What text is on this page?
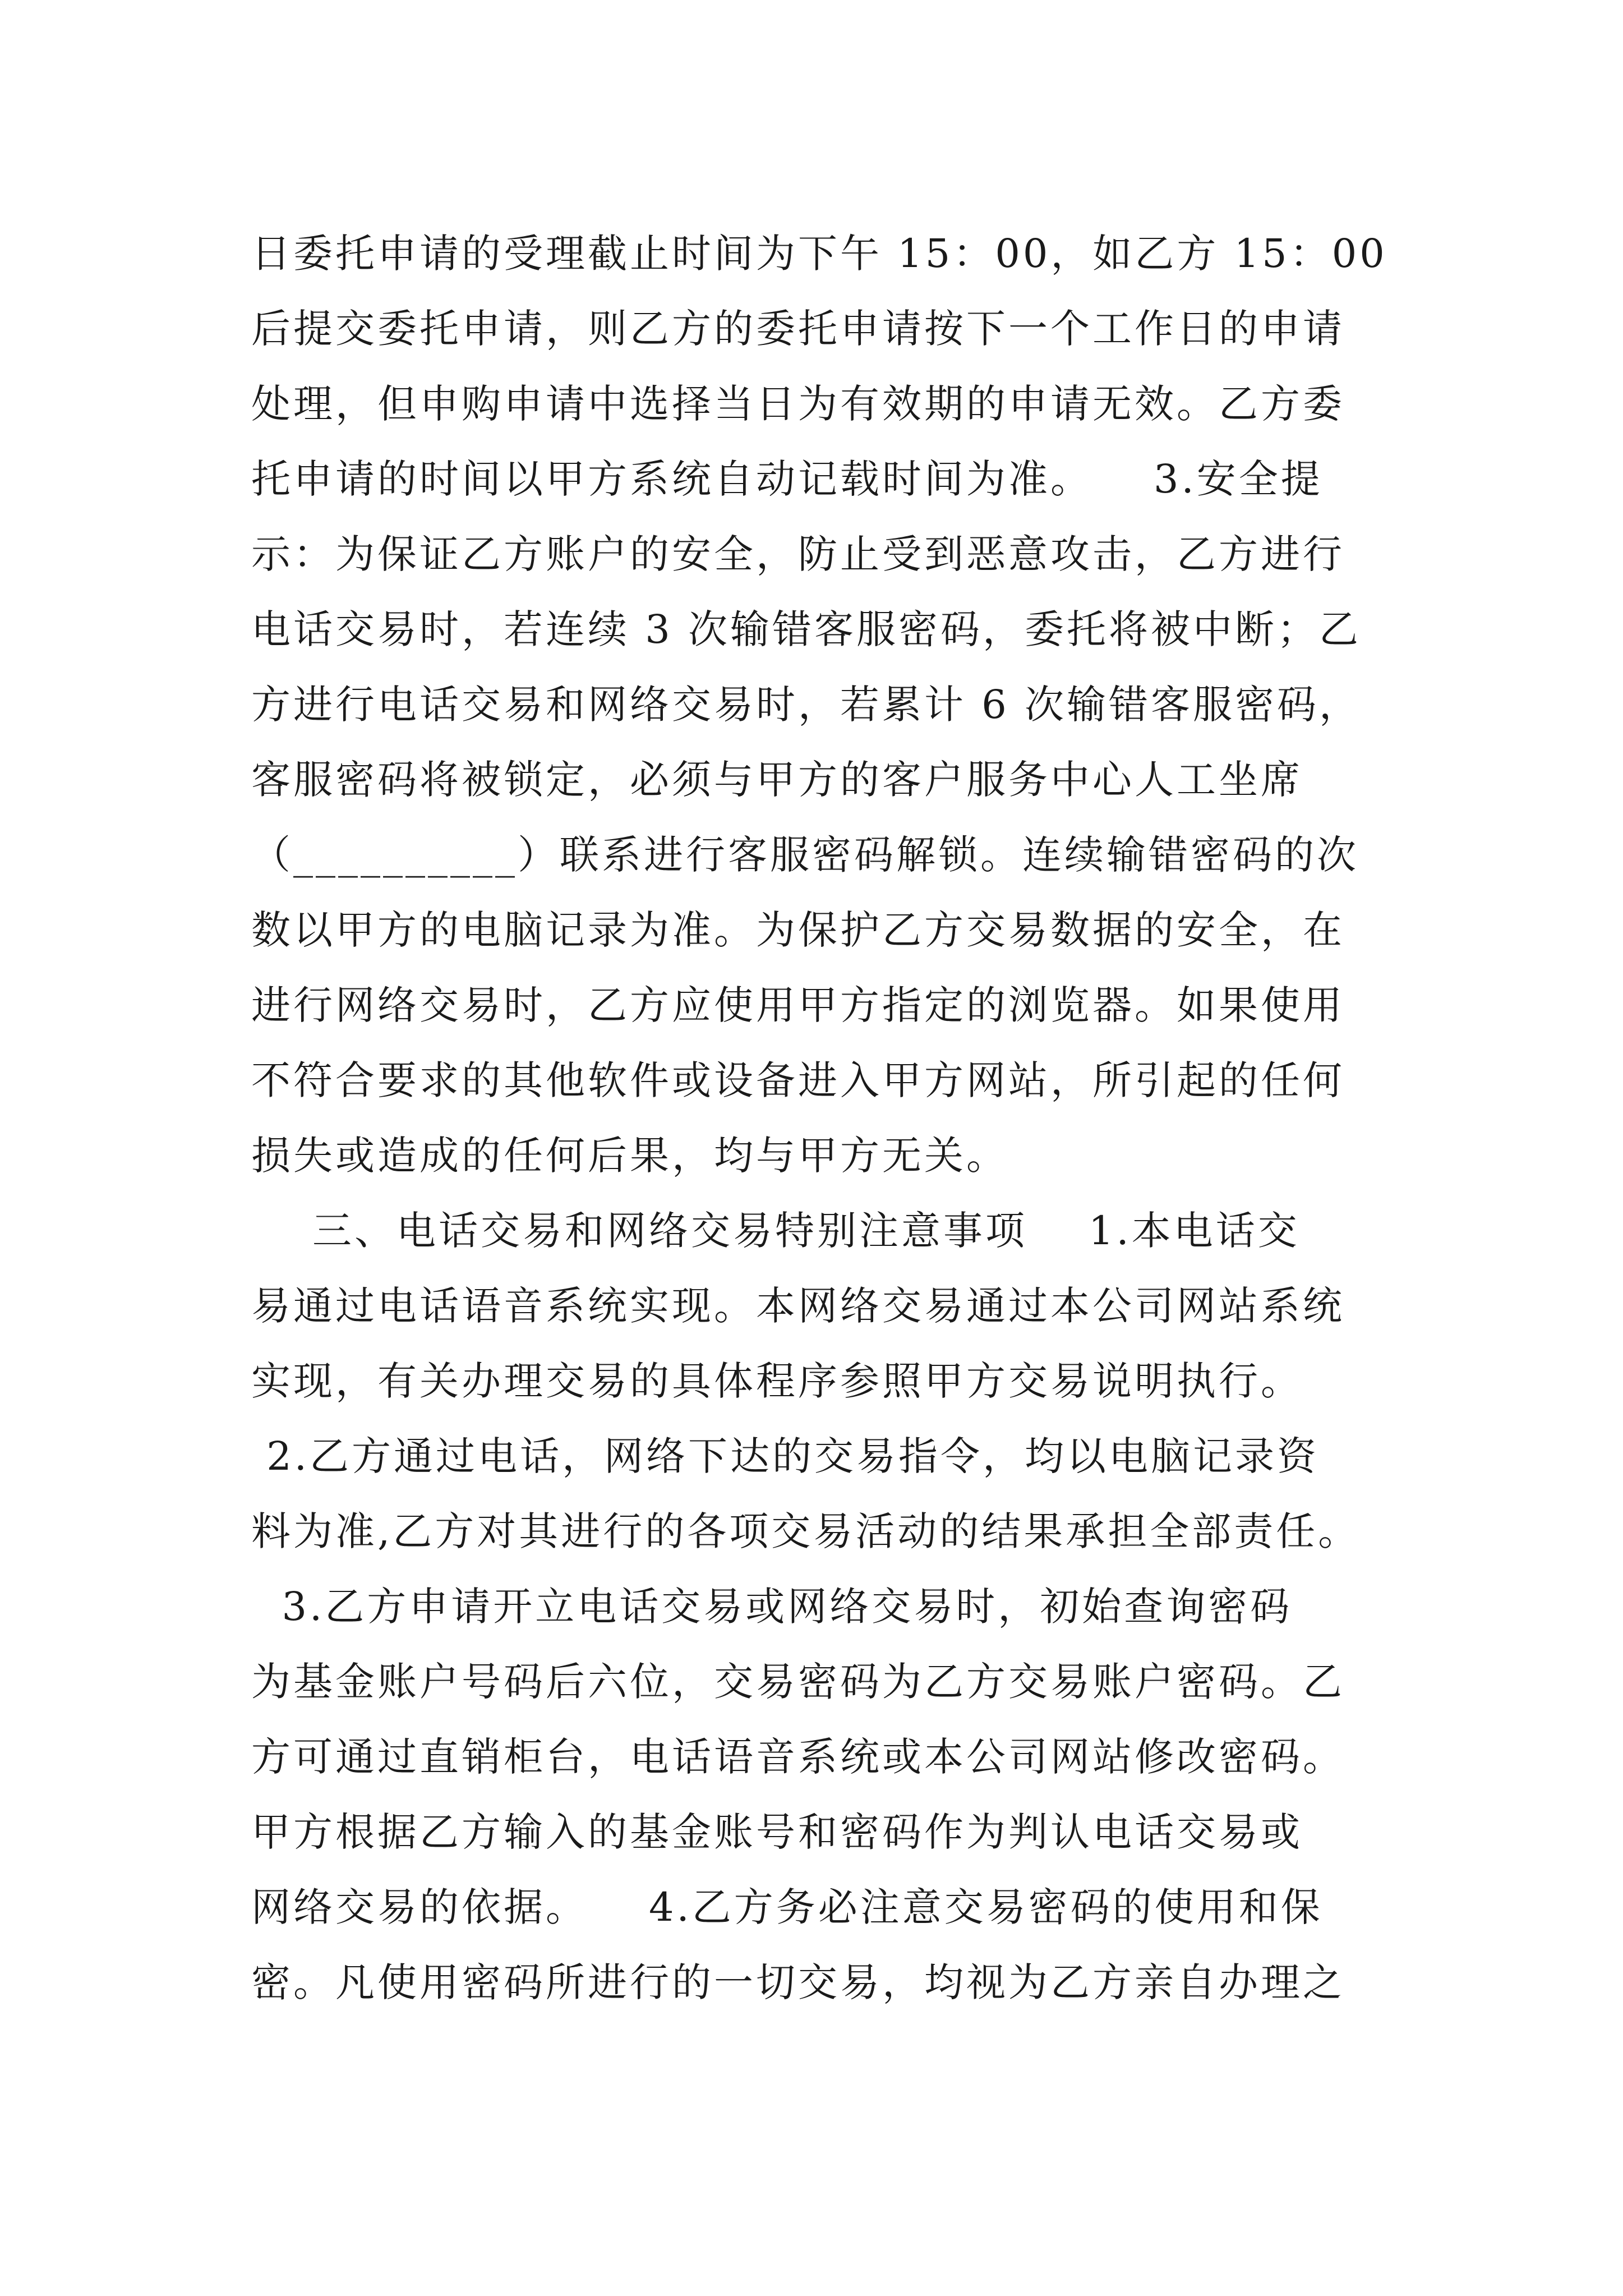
日委托申请的受理截止时间为下午 15：00，如乙方 15：00
后提交委托申请，则乙方的委托申请按下一个工作日的申请
处理，但申购申请中选择当日为有效期的申请无效。乙方委
托申请的时间以甲方系统自动记载时间为准。    3.安全提
示：为保证乙方账户的安全，防止受到恶意攻击，乙方进行
电话交易时，若连续 3 次输错客服密码，委托将被中断；乙
方进行电话交易和网络交易时，若累计 6 次输错客服密码，
客服密码将被锁定，必须与甲方的客户服务中心人工坐席
（__________）联系进行客服密码解锁。连续输错密码的次
数以甲方的电脑记录为准。为保护乙方交易数据的安全，在
进行网络交易时，乙方应使用甲方指定的浏览器。如果使用
不符合要求的其他软件或设备进入甲方网站，所引起的任何
损失或造成的任何后果，均与甲方无关。
三、电话交易和网络交易特别注意事项    1.本电话交
易通过电话语音系统实现。本网络交易通过本公司网站系统
实现，有关办理交易的具体程序参照甲方交易说明执行。
2.乙方通过电话，网络下达的交易指令，均以电脑记录资
料为准,乙方对其进行的各项交易活动的结果承担全部责任。
3.乙方申请开立电话交易或网络交易时，初始查询密码
为基金账户号码后六位，交易密码为乙方交易账户密码。乙
方可通过直销柜台，电话语音系统或本公司网站修改密码。
甲方根据乙方输入的基金账号和密码作为判认电话交易或
网络交易的依据。    4.乙方务必注意交易密码的使用和保
密。凡使用密码所进行的一切交易，均视为乙方亲自办理之
